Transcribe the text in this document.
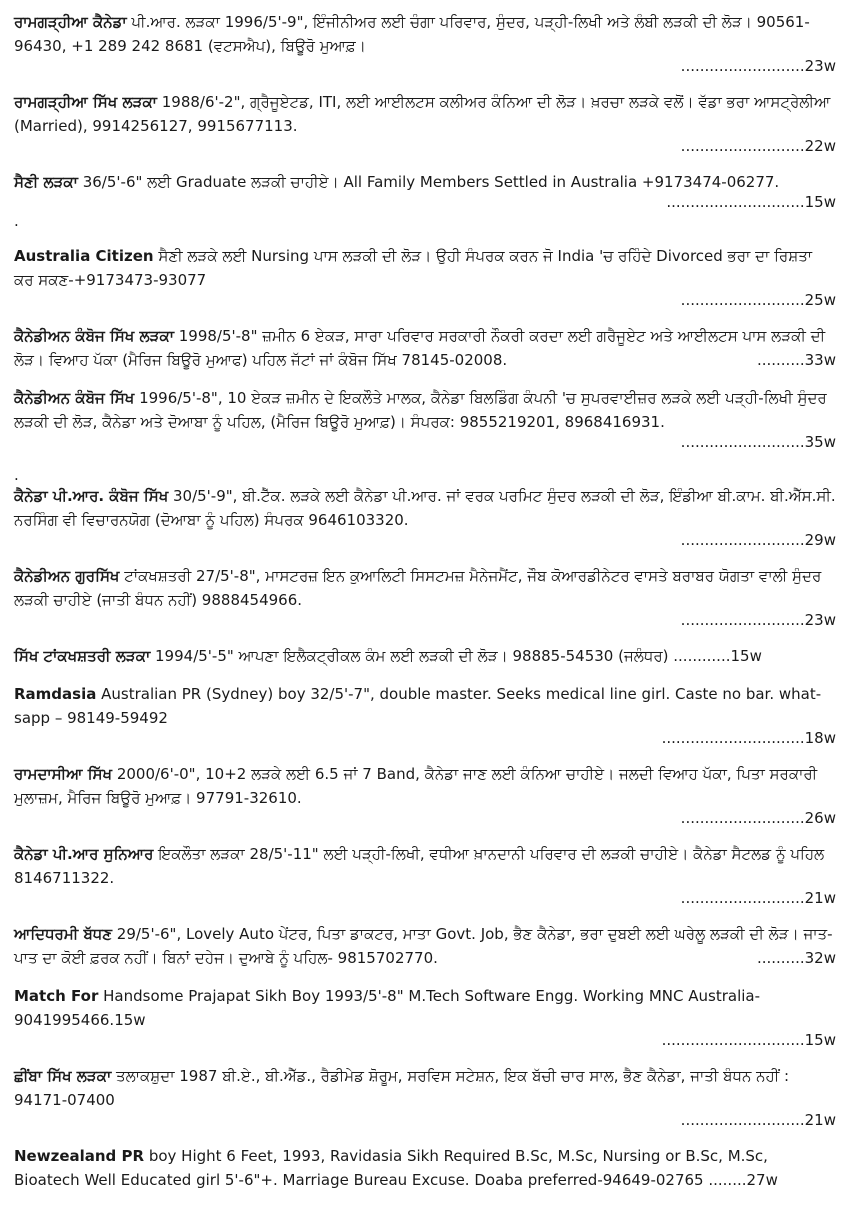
ਰਾਮਗੜ੍ਹੀਆ ਕੈਨੇਡਾ ਪੀ.ਆਰ. ਲੜਕਾ 1996/5'-9", ਇੰਜੀਨੀਅਰ ਲਈ ਚੰਗਾ ਪਰਿਵਾਰ, ਸੁੰਦਰ, ਪੜ੍ਹੀ-ਲਿਖੀ ਅਤੇ ਲੰਬੀ ਲੜਕੀ ਦੀ ਲੋੜ। 90561-96430, +1 289 242 8681 (ਵਟਸਐਪ), ਬਿਊਰੋ ਮੁਆਫ਼।
..........................23w
ਰਾਮਗੜ੍ਹੀਆ ਸਿੱਖ ਲੜਕਾ 1988/6'-2", ਗ੍ਰੈਜੂਏਟਡ, ITI, ਲਈ ਆਈਲਟਸ ਕਲੀਅਰ ਕੰਨਿਆ ਦੀ ਲੋੜ। ਖ਼ਰਚਾ ਲੜਕੇ ਵਲੋਂ। ਵੱਡਾ ਭਰਾ ਆਸਟ੍ਰੇਲੀਆ (Married), 9914256127, 9915677113.
..........................22w
ਸੈਣੀ ਲੜਕਾ 36/5'-6" ਲਈ Graduate ਲੜਕੀ ਚਾਹੀਏ। All Family Members Settled in Australia +9173474-06277.
.............................15w
.
Australia Citizen ਸੈਣੀ ਲੜਕੇ ਲਈ Nursing ਪਾਸ ਲੜਕੀ ਦੀ ਲੋੜ। ਉਹੀ ਸੰਪਰਕ ਕਰਨ ਜੋ India 'ਚ ਰਹਿੰਦੇ Divorced ਭਰਾ ਦਾ ਰਿਸ਼ਤਾ ਕਰ ਸਕਣ-+9173473-93077
..........................25w
ਕੈਨੇਡੀਅਨ ਕੰਬੋਜ ਸਿੱਖ ਲੜਕਾ 1998/5'-8" ਜ਼ਮੀਨ 6 ਏਕੜ, ਸਾਰਾ ਪਰਿਵਾਰ ਸਰਕਾਰੀ ਨੌਕਰੀ ਕਰਦਾ ਲਈ ਗਰੈਜੂਏਟ ਅਤੇ ਆਈਲਟਸ ਪਾਸ ਲੜਕੀ ਦੀ ਲੋੜ। ਵਿਆਹ ਪੱਕਾ (ਮੈਰਿਜ ਬਿਊਰੋ ਮੁਆਫ) ਪਹਿਲ ਜੱਟਾਂ ਜਾਂ ਕੰਬੋਜ ਸਿੱਖ 78145-02008.	..........33w
ਕੈਨੇਡੀਅਨ ਕੰਬੋਜ ਸਿੱਖ 1996/5'-8", 10 ਏਕੜ ਜ਼ਮੀਨ ਦੇ ਇਕਲੌਤੇ ਮਾਲਕ, ਕੈਨੇਡਾ ਬਿਲਡਿੰਗ ਕੰਪਨੀ 'ਚ ਸੁਪਰਵਾਈਜ਼ਰ ਲੜਕੇ ਲਈ ਪੜ੍ਹੀ-ਲਿਖੀ ਸੁੰਦਰ ਲੜਕੀ ਦੀ ਲੋੜ, ਕੈਨੇਡਾ ਅਤੇ ਦੋਆਬਾ ਨੂੰ ਪਹਿਲ, (ਮੈਰਿਜ ਬਿਊਰੋ ਮੁਆਫ਼)। ਸੰਪਰਕ: 9855219201, 8968416931.
..........................35w
.
ਕੈਨੇਡਾ ਪੀ.ਆਰ. ਕੰਬੋਜ ਸਿੱਖ 30/5'-9", ਬੀ.ਟੈੱਕ. ਲੜਕੇ ਲਈ ਕੈਨੇਡਾ ਪੀ.ਆਰ. ਜਾਂ ਵਰਕ ਪਰਮਿਟ ਸੁੰਦਰ ਲੜਕੀ ਦੀ ਲੋੜ, ਇੰਡੀਆ ਬੀ.ਕਾਮ. ਬੀ.ਐੱਸ.ਸੀ. ਨਰਸਿੰਗ ਵੀ ਵਿਚਾਰਨਯੋਗ (ਦੋਆਬਾ ਨੂੰ ਪਹਿਲ) ਸੰਪਰਕ 9646103320.
..........................29w
ਕੈਨੇਡੀਅਨ ਗੁਰਸਿੱਖ ਟਾਂਕਖਸ਼ਤਰੀ 27/5'-8", ਮਾਸਟਰਜ਼ ਇਨ ਕੁਆਲਿਟੀ ਸਿਸਟਮਜ਼ ਮੈਨੇਜਮੈਂਟ, ਜੌਬ ਕੋਆਰਡੀਨੇਟਰ ਵਾਸਤੇ ਬਰਾਬਰ ਯੋਗਤਾ ਵਾਲੀ ਸੁੰਦਰ ਲੜਕੀ ਚਾਹੀਏ (ਜਾਤੀ ਬੰਧਨ ਨਹੀਂ) 9888454966.
..........................23w
ਸਿੱਖ ਟਾਂਕਖਸ਼ਤਰੀ ਲੜਕਾ 1994/5'-5" ਆਪਣਾ ਇਲੈਕਟ੍ਰੀਕਲ ਕੰਮ ਲਈ ਲੜਕੀ ਦੀ ਲੋੜ। 98885-54530 (ਜਲੰਧਰ) ............15w
Ramdasia Australian PR (Sydney) boy 32/5'-7", double master. Seeks medical line girl. Caste no bar. what-sapp – 98149-59492
..............................18w
ਰਾਮਦਾਸੀਆ ਸਿੱਖ 2000/6'-0", 10+2 ਲੜਕੇ ਲਈ 6.5 ਜਾਂ 7 Band, ਕੈਨੇਡਾ ਜਾਣ ਲਈ ਕੰਨਿਆ ਚਾਹੀਏ। ਜਲਦੀ ਵਿਆਹ ਪੱਕਾ, ਪਿਤਾ ਸਰਕਾਰੀ ਮੁਲਾਜ਼ਮ, ਮੈਰਿਜ ਬਿਊਰੋ ਮੁਆਫ਼। 97791-32610.
..........................26w
ਕੈਨੇਡਾ ਪੀ.ਆਰ ਸੁਨਿਆਰ ਇਕਲੌਤਾ ਲੜਕਾ 28/5'-11" ਲਈ ਪੜ੍ਹੀ-ਲਿਖੀ, ਵਧੀਆ ਖ਼ਾਨਦਾਨੀ ਪਰਿਵਾਰ ਦੀ ਲੜਕੀ ਚਾਹੀਏ। ਕੈਨੇਡਾ ਸੈਟਲਡ ਨੂੰ ਪਹਿਲ 8146711322.
..........................21w
ਆਦਿਧਰਮੀ ਬੱਧਣ 29/5'-6", Lovely Auto ਪੇਂਟਰ, ਪਿਤਾ ਡਾਕਟਰ, ਮਾਤਾ Govt. Job, ਭੈਣ ਕੈਨੇਡਾ, ਭਰਾ ਦੁਬਈ ਲਈ ਘਰੇਲੂ ਲੜਕੀ ਦੀ ਲੋੜ। ਜਾਤ-ਪਾਤ ਦਾ ਕੋਈ ਫ਼ਰਕ ਨਹੀਂ। ਬਿਨਾਂ ਦਹੇਜ। ਦੁਆਬੇ ਨੂੰ ਪਹਿਲ- 9815702770.	..........32w
Match For Handsome Prajapat Sikh Boy 1993/5'-8" M.Tech Software Engg. Working MNC Australia-9041995466.15w
..............................15w
ਛੀਂਬਾ ਸਿੱਖ ਲੜਕਾ ਤਲਾਕਸ਼ੁਦਾ 1987 ਬੀ.ਏ., ਬੀ.ਐੱਡ., ਰੈਡੀਮੇਡ ਸ਼ੋਰੂਮ, ਸਰਵਿਸ ਸਟੇਸ਼ਨ, ਇਕ ਬੱਚੀ ਚਾਰ ਸਾਲ, ਭੈਣ ਕੈਨੇਡਾ, ਜਾਤੀ ਬੰਧਨ ਨਹੀਂ : 94171-07400
..........................21w
Newzealand PR boy Hight 6 Feet, 1993, Ravidasia Sikh Required B.Sc, M.Sc, Nursing or B.Sc, M.Sc, Bioatech Well Educated girl 5'-6"+. Marriage Bureau Excuse. Doaba preferred-94649-02765 ........27w
